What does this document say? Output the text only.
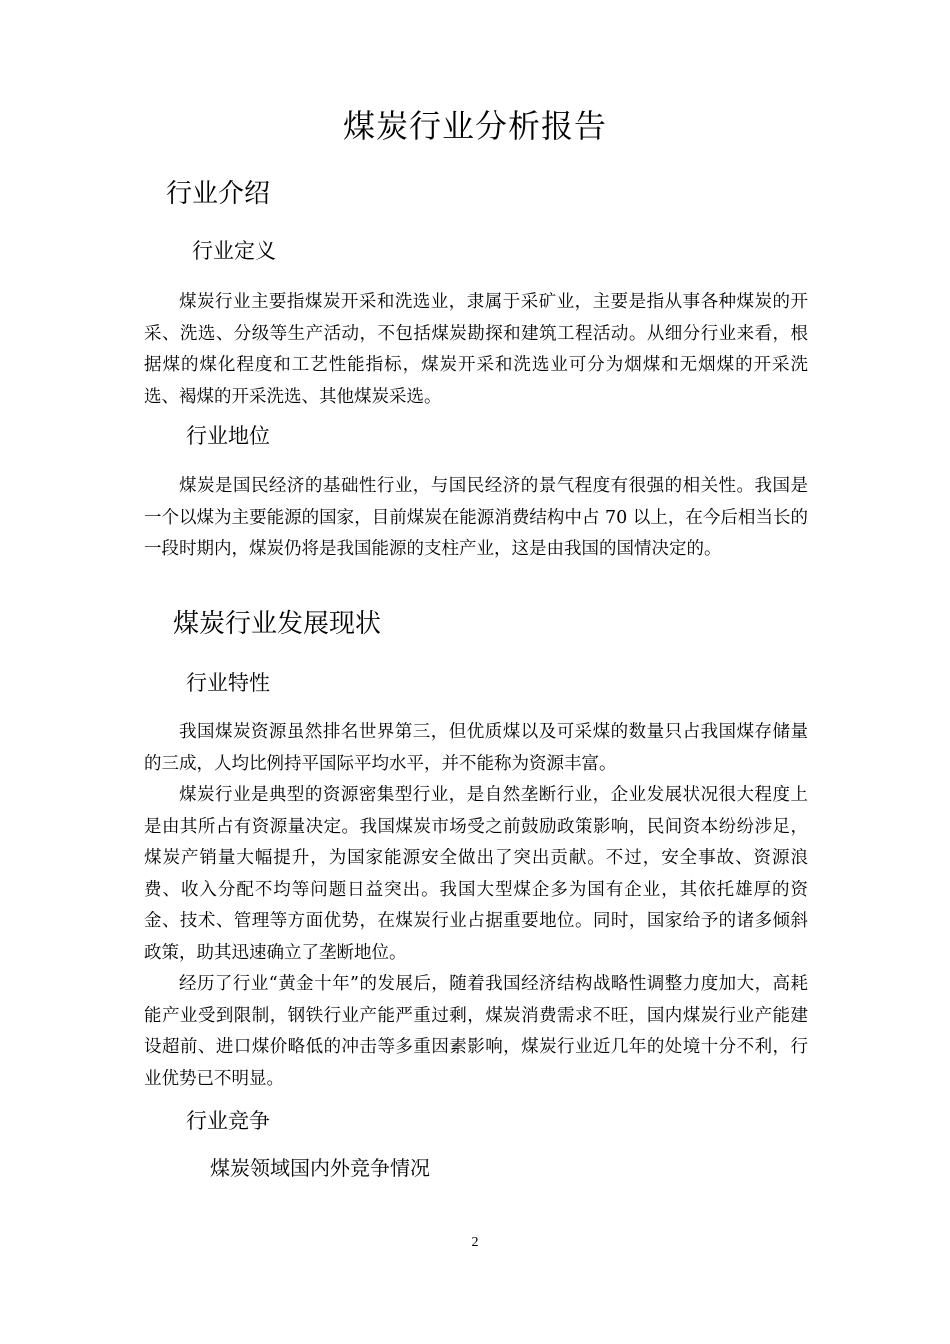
煤炭行业分析报告
行业介绍
行业定义
煤炭行业主要指煤炭开采和洗选业，隶属于采矿业，主要是指从事各种煤炭的开采、洗选、分级等生产活动，不包括煤炭勘探和建筑工程活动。从细分行业来看，根据煤的煤化程度和工艺性能指标，煤炭开采和洗选业可分为烟煤和无烟煤的开采洗选、褐煤的开采洗选、其他煤炭采选。
行业地位
煤炭是国民经济的基础性行业，与国民经济的景气程度有很强的相关性。我国是一个以煤为主要能源的国家，目前煤炭在能源消费结构中占 70 以上，在今后相当长的一段时期内，煤炭仍将是我国能源的支柱产业，这是由我国的国情决定的。
煤炭行业发展现状
行业特性
我国煤炭资源虽然排名世界第三，但优质煤以及可采煤的数量只占我国煤存储量的三成，人均比例持平国际平均水平，并不能称为资源丰富。
煤炭行业是典型的资源密集型行业，是自然垄断行业，企业发展状况很大程度上是由其所占有资源量决定。我国煤炭市场受之前鼓励政策影响，民间资本纷纷涉足，煤炭产销量大幅提升，为国家能源安全做出了突出贡献。不过，安全事故、资源浪费、收入分配不均等问题日益突出。我国大型煤企多为国有企业，其依托雄厚的资金、技术、管理等方面优势，在煤炭行业占据重要地位。同时，国家给予的诸多倾斜政策，助其迅速确立了垄断地位。
经历了行业“黄金十年”的发展后，随着我国经济结构战略性调整力度加大，高耗能产业受到限制，钢铁行业产能严重过剩，煤炭消费需求不旺，国内煤炭行业产能建设超前、进口煤价略低的冲击等多重因素影响，煤炭行业近几年的处境十分不利，行业优势已不明显。
行业竞争
煤炭领域国内外竞争情况
2
